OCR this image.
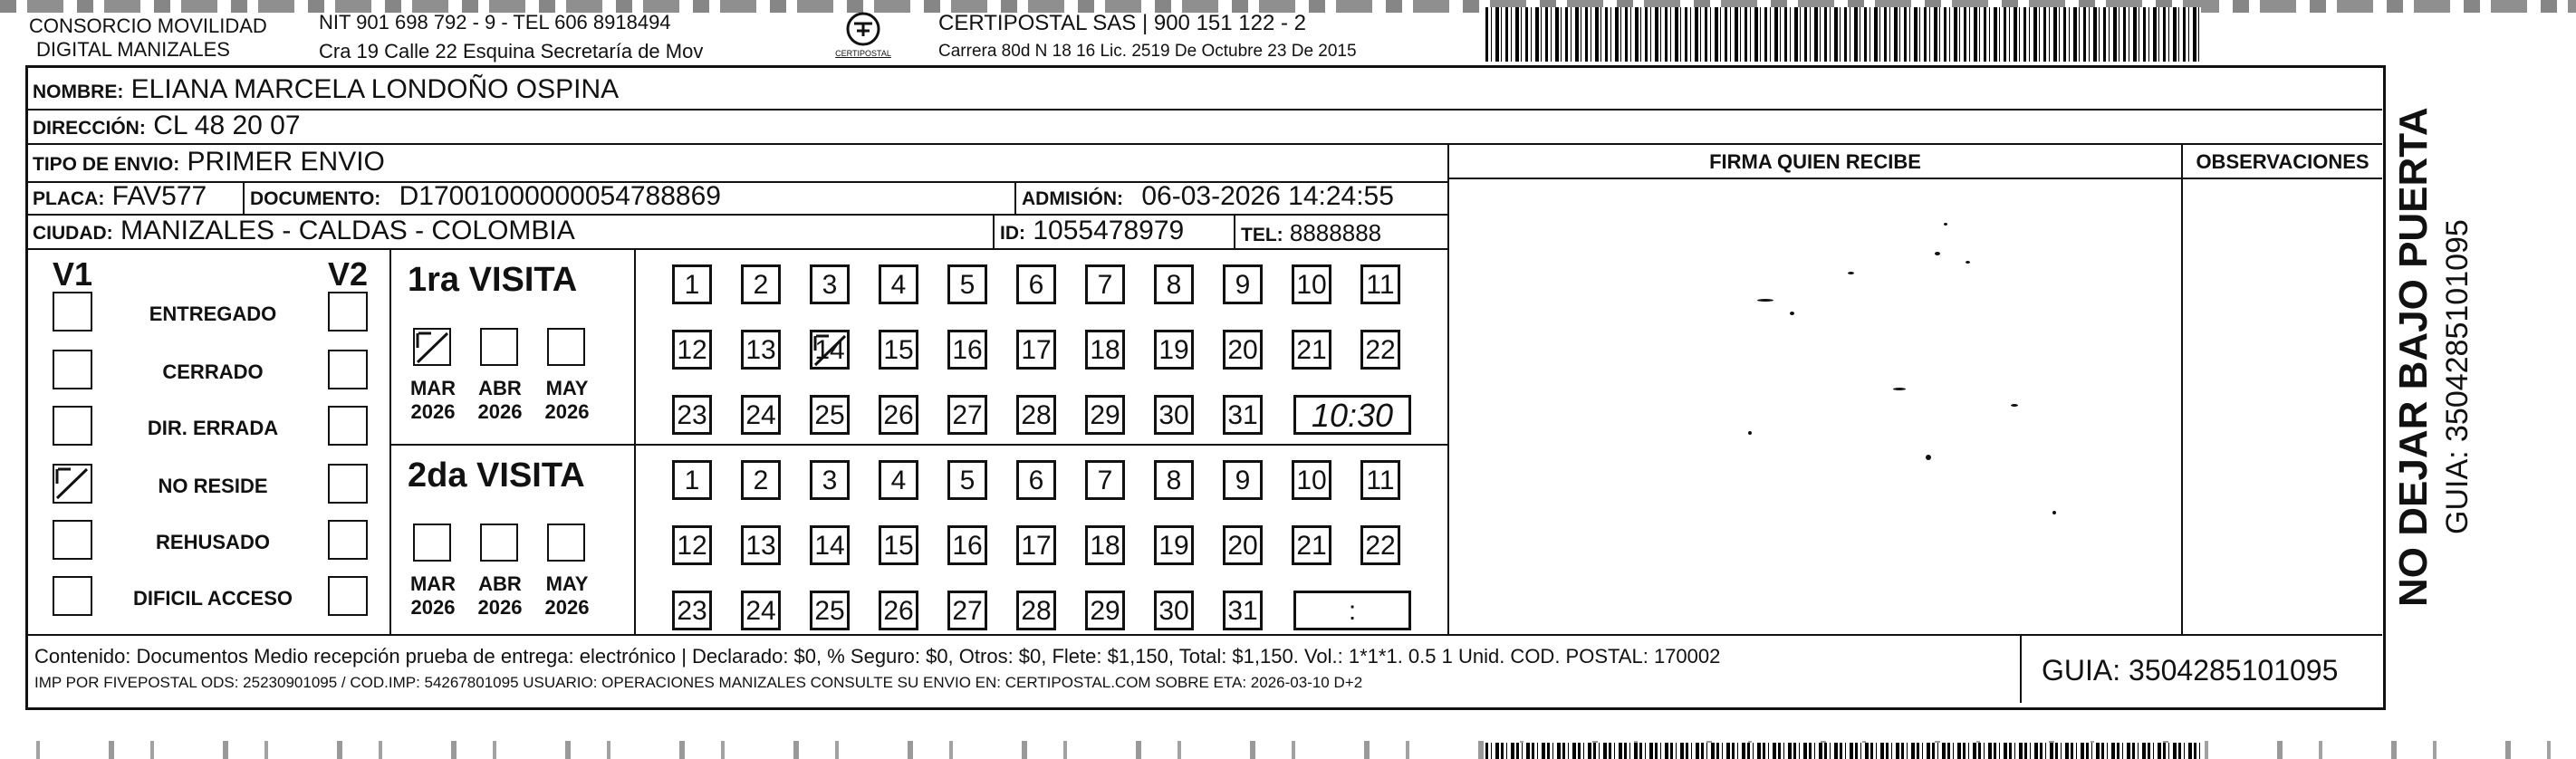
CONSORCIO MOVILIDAD
DIGITAL MANIZALES
NIT 901 698 792 - 9 - TEL 606 8918494
Cra 19 Calle 22 Esquina Secretaría de Mov	CERTIPOSTAL
CERTIPOSTAL SAS | 900 151 122 - 2
Carrera 80d N 18 16 Lic. 2519 De Octubre 23 De 2015
NOMBRE: ELIANA MARCELA LONDOÑO OSPINA
DIRECCIÓN: CL 48 20 07
TIPO DE ENVIO: PRIMER ENVIO
PLACA: FAV577 DOCUMENTO: D17001000000054788869	ADMISIÓN: 06-03-2026 14:24:55
CIUDAD: MANIZALES - CALDAS - COLOMBIA	ID: 1055478979	TEL: 8888888
FIRMA QUIEN RECIBE	OBSERVACIONES
V1	V2
ENTREGADO
CERRADO
DIR. ERRADA
NO RESIDE
REHUSADO
DIFICIL ACCESO
1ra VISITA
MAR
2026
ABR
2026
MAY
2026
1	2	3	4	5	6	7	8	9	10 11
12 13 14 15 16 17 18 19 20 21 22
23 24 25 26 27 28 29 30 31	10:30
2da VISITA
MAR
2026
ABR
2026
MAY
2026
1	2	3	4	5	6	7	8	9	10 11
12 13 14 15 16 17 18 19 20 21 22
23 24 25 26 27 28 29 30 31	:
Contenido: Documentos Medio recepción prueba de entrega: electrónico | Declarado: $0, % Seguro: $0, Otros: $0, Flete: $1,150, Total: $1,150. Vol.: 1*1*1. 0.5 1 Unid. COD. POSTAL: 170002
IMP POR FIVEPOSTAL ODS: 25230901095 / COD.IMP: 54267801095 USUARIO: OPERACIONES MANIZALES CONSULTE SU ENVIO EN: CERTIPOSTAL.COM SOBRE ETA: 2026-03-10 D+2	GUIA: 3504285101095
NO DEJAR BAJO PUERTA GUIA: 3504285101095
